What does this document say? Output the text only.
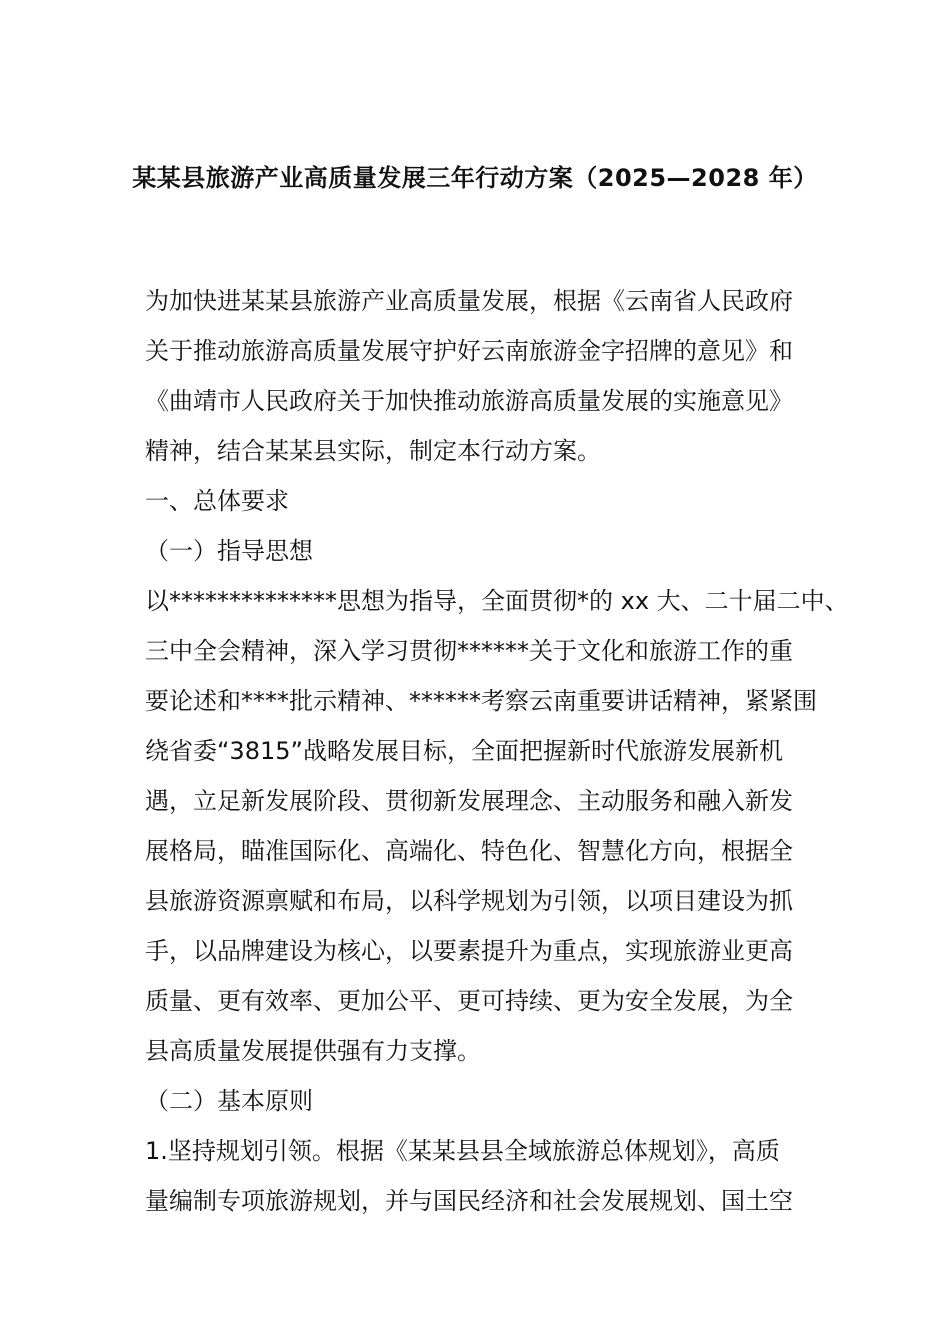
某某县旅游产业高质量发展三年行动方案（2025—2028 年）
为加快进某某县旅游产业高质量发展，根据《云南省人民政府
关于推动旅游高质量发展守护好云南旅游金字招牌的意见》和
《曲靖市人民政府关于加快推动旅游高质量发展的实施意见》
精神，结合某某县实际，制定本行动方案。
一、总体要求
（一）指导思想
以**************思想为指导，全面贯彻*的 xx 大、二十届二中、
三中全会精神，深入学习贯彻******关于文化和旅游工作的重
要论述和****批示精神、******考察云南重要讲话精神，紧紧围
绕省委“3815”战略发展目标，全面把握新时代旅游发展新机
遇，立足新发展阶段、贯彻新发展理念、主动服务和融入新发
展格局，瞄准国际化、高端化、特色化、智慧化方向，根据全
县旅游资源禀赋和布局，以科学规划为引领，以项目建设为抓
手，以品牌建设为核心，以要素提升为重点，实现旅游业更高
质量、更有效率、更加公平、更可持续、更为安全发展，为全
县高质量发展提供强有力支撑。
（二）基本原则
1.坚持规划引领。根据《某某县县全域旅游总体规划》，高质
量编制专项旅游规划，并与国民经济和社会发展规划、国土空
